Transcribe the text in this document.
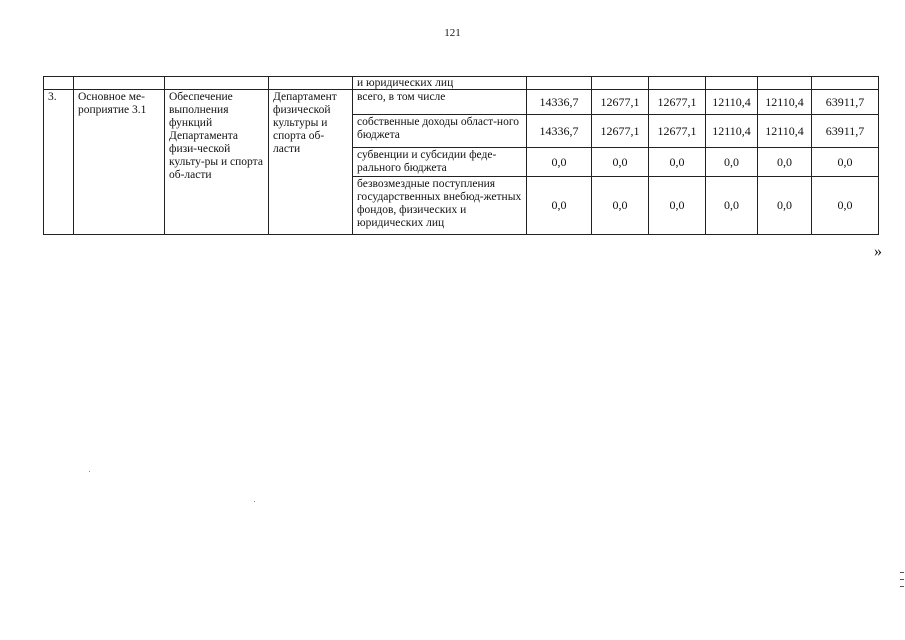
121
				и юридических лиц						
3.	Основное ме-роприятие 3.1	Обеспечение выполнения функций Департамента физи-ческой культу-ры и спорта об-ласти	Департамент физической культуры и спорта об-ласти	всего, в том числе	14336,7	12677,1	12677,1	12110,4	12110,4	63911,7
				собственные доходы област-ного бюджета	14336,7	12677,1	12677,1	12110,4	12110,4	63911,7
				субвенции и субсидии феде-рального бюджета	0,0	0,0	0,0	0,0	0,0	0,0
				безвозмездные поступления государственных внебюд-жетных фондов, физических и юридических лиц	0,0	0,0	0,0	0,0	0,0	0,0
»
